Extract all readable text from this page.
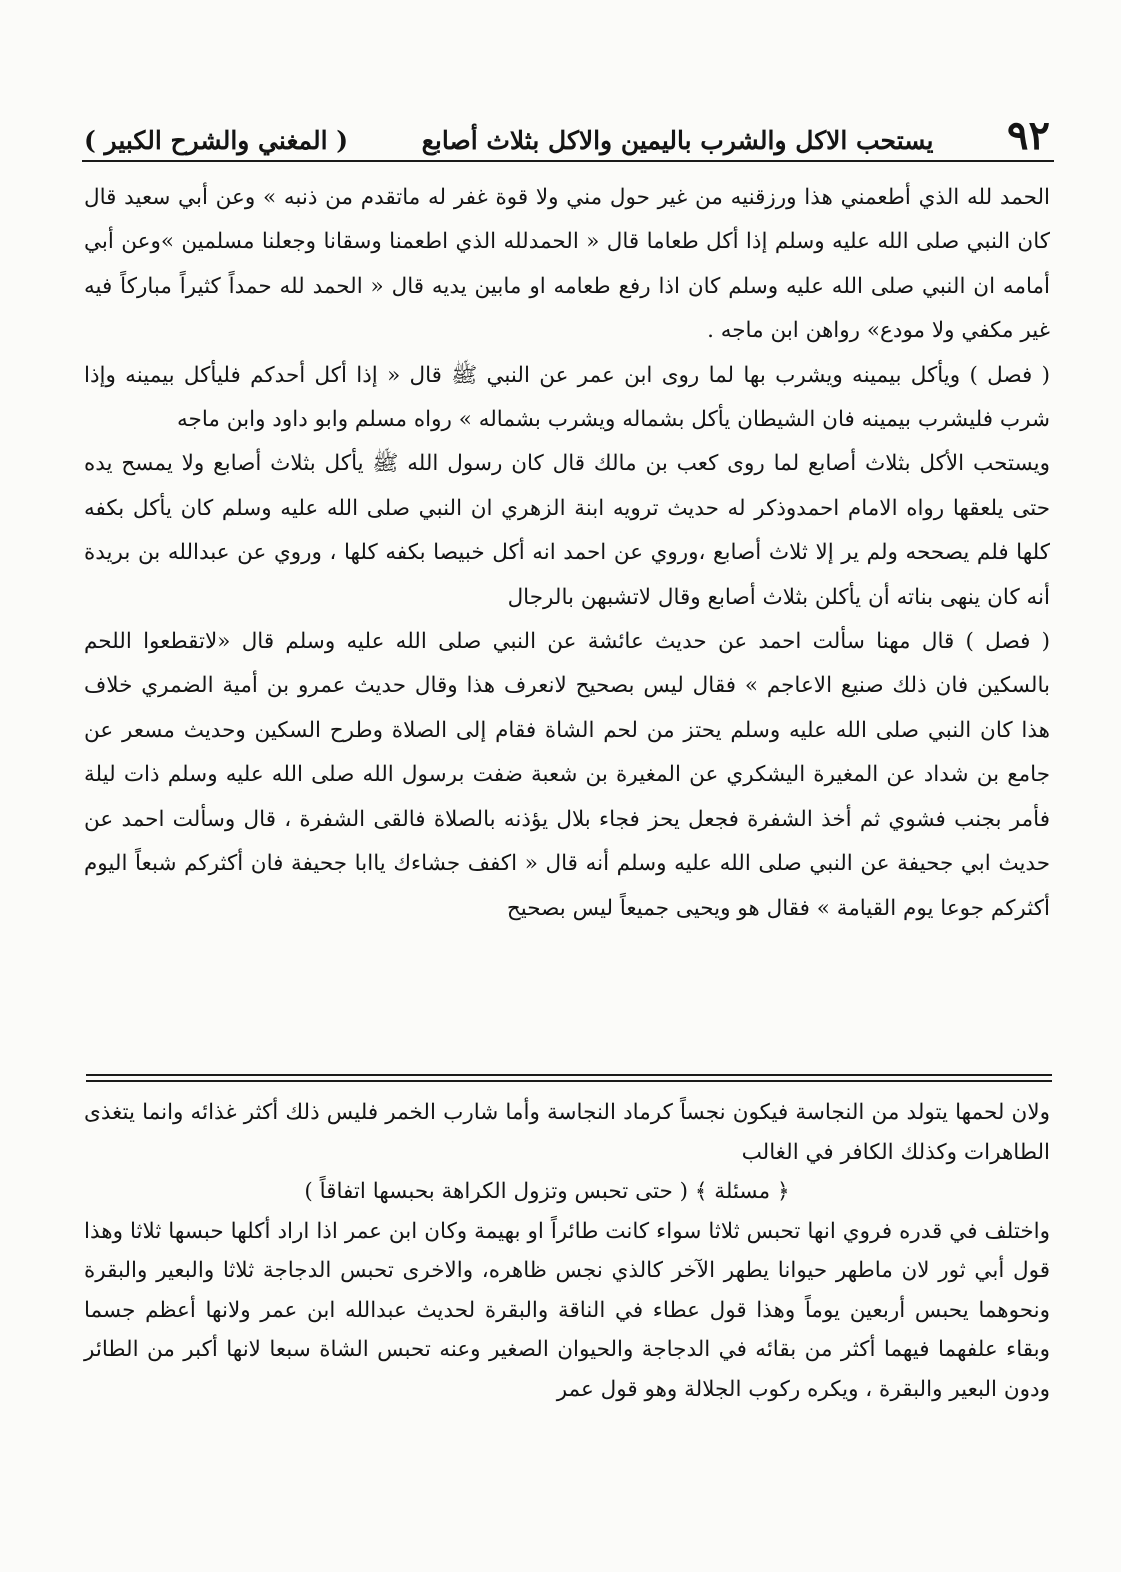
٩٢
يستحب الاكل والشرب باليمين والاكل بثلاث أصابع
( المغني والشرح الكبير )

الحمد لله الذي أطعمني هذا ورزقنيه من غير حول مني ولا قوة غفر له ماتقدم من ذنبه » وعن أبي سعيد قال كان النبي صلى الله عليه وسلم إذا أكل طعاما قال « الحمدلله الذي اطعمنا وسقانا وجعلنا مسلمين »وعن أبي أمامه ان النبي صلى الله عليه وسلم كان اذا رفع طعامه او مابين يديه قال « الحمد لله حمداً كثيراً مباركاً فيه غير مكفي ولا مودع» رواهن ابن ماجه .

( فصل ) ويأكل بيمينه ويشرب بها لما روى ابن عمر عن النبي ﷺ قال « إذا أكل أحدكم فليأكل بيمينه وإذا شرب فليشرب بيمينه فان الشيطان يأكل بشماله ويشرب بشماله » رواه مسلم وابو داود وابن ماجه

ويستحب الأكل بثلاث أصابع لما روى كعب بن مالك قال كان رسول الله ﷺ يأكل بثلاث أصابع ولا يمسح يده حتى يلعقها رواه الامام احمدوذكر له حديث ترويه ابنة الزهري ان النبي صلى الله عليه وسلم كان يأكل بكفه كلها فلم يصححه ولم ير إلا ثلاث أصابع ،وروي عن احمد انه أكل خبيصا بكفه كلها ، وروي عن عبدالله بن بريدة أنه كان ينهى بناته أن يأكلن بثلاث أصابع وقال لاتشبهن بالرجال

( فصل ) قال مهنا سألت احمد عن حديث عائشة عن النبي صلى الله عليه وسلم قال «لاتقطعوا اللحم بالسكين فان ذلك صنيع الاعاجم » فقال ليس بصحيح لانعرف هذا وقال حديث عمرو بن أمية الضمري خلاف هذا كان النبي صلى الله عليه وسلم يحتز من لحم الشاة فقام إلى الصلاة وطرح السكين وحديث مسعر عن جامع بن شداد عن المغيرة اليشكري عن المغيرة بن شعبة ضفت برسول الله صلى الله عليه وسلم ذات ليلة فأمر بجنب فشوي ثم أخذ الشفرة فجعل يحز فجاء بلال يؤذنه بالصلاة فالقى الشفرة ، قال وسألت احمد عن حديث ابي جحيفة عن النبي صلى الله عليه وسلم أنه قال « اكفف جشاءك ياابا جحيفة فان أكثركم شبعاً اليوم أكثركم جوعا يوم القيامة » فقال هو ويحيى جميعاً ليس بصحيح

ولان لحمها يتولد من النجاسة فيكون نجساً كرماد النجاسة وأما شارب الخمر فليس ذلك أكثر غذائه وانما يتغذى الطاهرات وكذلك الكافر في الغالب

﴿ مسئلة ﴾ ( حتى تحبس وتزول الكراهة بحبسها اتفاقاً )

واختلف في قدره فروي انها تحبس ثلاثا سواء كانت طائراً او بهيمة وكان ابن عمر اذا اراد أكلها حبسها ثلاثا وهذا قول أبي ثور لان ماطهر حيوانا يطهر الآخر كالذي نجس ظاهره، والاخرى تحبس الدجاجة ثلاثا والبعير والبقرة ونحوهما يحبس أربعين يوماً وهذا قول عطاء في الناقة والبقرة لحديث عبدالله ابن عمر ولانها أعظم جسما وبقاء علفهما فيهما أكثر من بقائه في الدجاجة والحيوان الصغير وعنه تحبس الشاة سبعا لانها أكبر من الطائر ودون البعير والبقرة ، ويكره ركوب الجلالة وهو قول عمر
